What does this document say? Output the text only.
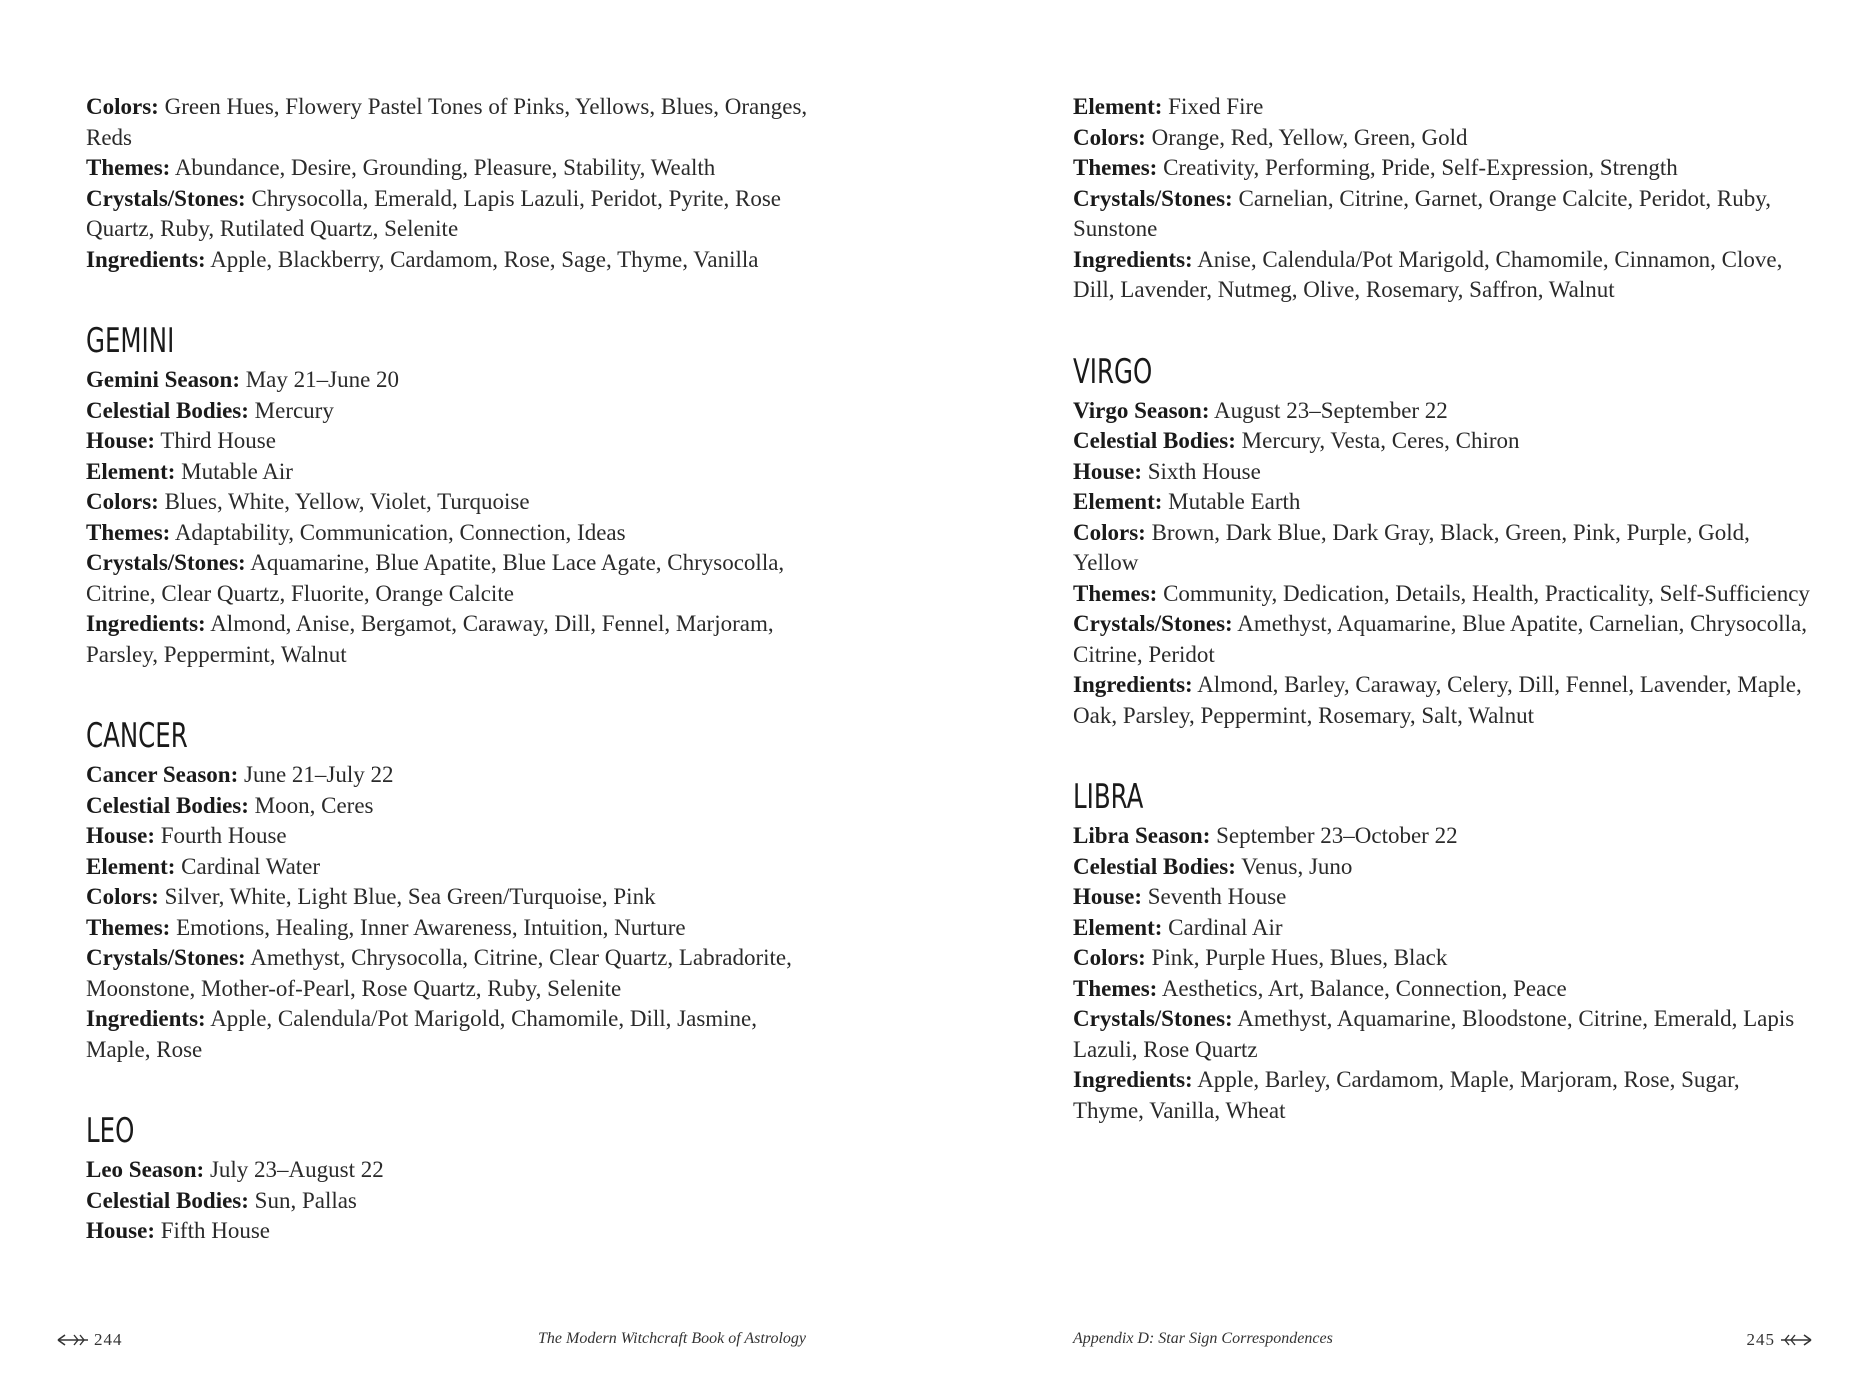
Colors: Green Hues, Flowery Pastel Tones of Pinks, Yellows, Blues, Oranges, Reds

Themes: Abundance, Desire, Grounding, Pleasure, Stability, Wealth

Crystals/Stones: Chrysocolla, Emerald, Lapis Lazuli, Peridot, Pyrite, Rose Quartz, Ruby, Rutilated Quartz, Selenite

Ingredients: Apple, Blackberry, Cardamom, Rose, Sage, Thyme, Vanilla

GEMINI

Gemini Season: May 21–June 20

Celestial Bodies: Mercury

House: Third House

Element: Mutable Air

Colors: Blues, White, Yellow, Violet, Turquoise

Themes: Adaptability, Communication, Connection, Ideas

Crystals/Stones: Aquamarine, Blue Apatite, Blue Lace Agate, Chrysocolla, Citrine, Clear Quartz, Fluorite, Orange Calcite

Ingredients: Almond, Anise, Bergamot, Caraway, Dill, Fennel, Marjoram, Parsley, Peppermint, Walnut

CANCER

Cancer Season: June 21–July 22

Celestial Bodies: Moon, Ceres

House: Fourth House

Element: Cardinal Water

Colors: Silver, White, Light Blue, Sea Green/Turquoise, Pink

Themes: Emotions, Healing, Inner Awareness, Intuition, Nurture

Crystals/Stones: Amethyst, Chrysocolla, Citrine, Clear Quartz, Labradorite, Moonstone, Mother-of-Pearl, Rose Quartz, Ruby, Selenite

Ingredients: Apple, Calendula/Pot Marigold, Chamomile, Dill, Jasmine, Maple, Rose

LEO

Leo Season: July 23–August 22

Celestial Bodies: Sun, Pallas

House: Fifth House

244	The Modern Witchcraft Book of Astrology

Element: Fixed Fire

Colors: Orange, Red, Yellow, Green, Gold

Themes: Creativity, Performing, Pride, Self-Expression, Strength

Crystals/Stones: Carnelian, Citrine, Garnet, Orange Calcite, Peridot, Ruby, Sunstone

Ingredients: Anise, Calendula/Pot Marigold, Chamomile, Cinnamon, Clove, Dill, Lavender, Nutmeg, Olive, Rosemary, Saffron, Walnut

VIRGO

Virgo Season: August 23–September 22

Celestial Bodies: Mercury, Vesta, Ceres, Chiron

House: Sixth House

Element: Mutable Earth

Colors: Brown, Dark Blue, Dark Gray, Black, Green, Pink, Purple, Gold, Yellow

Themes: Community, Dedication, Details, Health, Practicality, Self-Sufficiency

Crystals/Stones: Amethyst, Aquamarine, Blue Apatite, Carnelian, Chrysocolla, Citrine, Peridot

Ingredients: Almond, Barley, Caraway, Celery, Dill, Fennel, Lavender, Maple, Oak, Parsley, Peppermint, Rosemary, Salt, Walnut

LIBRA

Libra Season: September 23–October 22

Celestial Bodies: Venus, Juno

House: Seventh House

Element: Cardinal Air

Colors: Pink, Purple Hues, Blues, Black

Themes: Aesthetics, Art, Balance, Connection, Peace

Crystals/Stones: Amethyst, Aquamarine, Bloodstone, Citrine, Emerald, Lapis Lazuli, Rose Quartz

Ingredients: Apple, Barley, Cardamom, Maple, Marjoram, Rose, Sugar, Thyme, Vanilla, Wheat

Appendix D: Star Sign Correspondences	245
